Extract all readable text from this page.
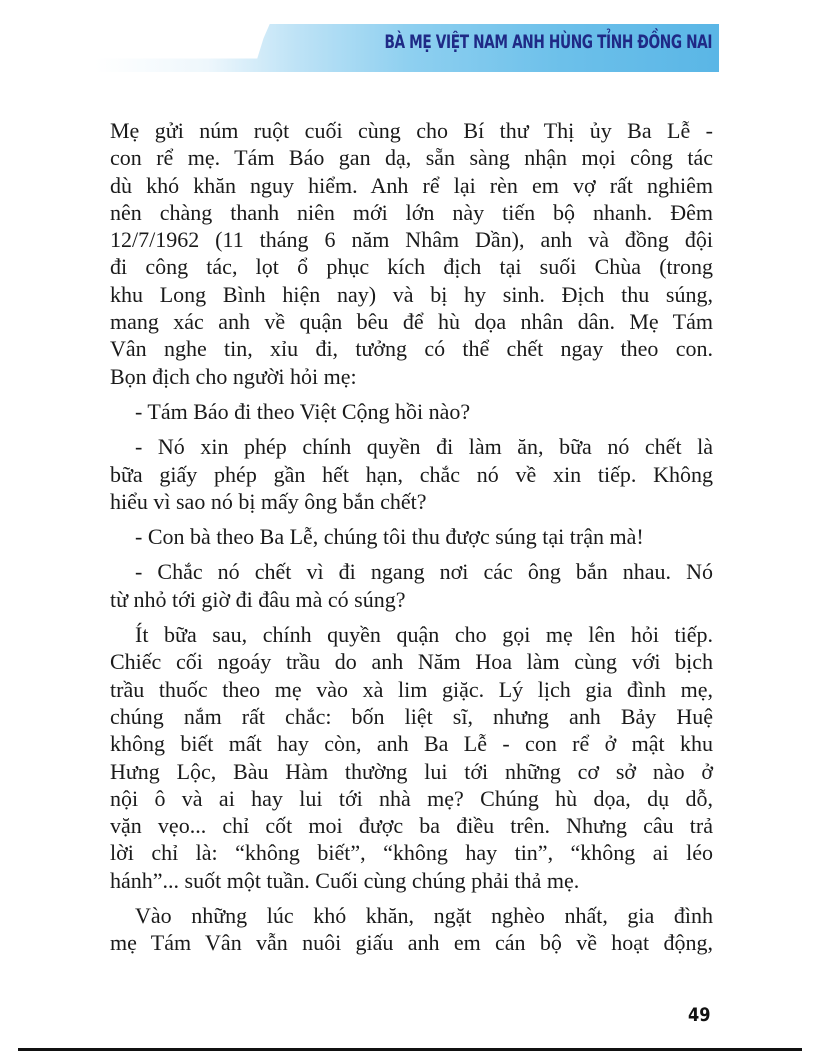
BÀ MẸ VIỆT NAM ANH HÙNG TỈNH ĐỒNG NAI
Mẹ gửi núm ruột cuối cùng cho Bí thư Thị ủy Ba Lễ -
con rể mẹ. Tám Báo gan dạ, sẵn sàng nhận mọi công tác
dù khó khăn nguy hiểm. Anh rể lại rèn em vợ rất nghiêm
nên chàng thanh niên mới lớn này tiến bộ nhanh. Đêm
12/7/1962 (11 tháng 6 năm Nhâm Dần), anh và đồng đội
đi công tác, lọt ổ phục kích địch tại suối Chùa (trong
khu Long Bình hiện nay) và bị hy sinh. Địch thu súng,
mang xác anh về quận bêu để hù dọa nhân dân. Mẹ Tám
Vân nghe tin, xỉu đi, tưởng có thể chết ngay theo con.
Bọn địch cho người hỏi mẹ:
- Tám Báo đi theo Việt Cộng hồi nào?
- Nó xin phép chính quyền đi làm ăn, bữa nó chết là
bữa giấy phép gần hết hạn, chắc nó về xin tiếp. Không
hiểu vì sao nó bị mấy ông bắn chết?
- Con bà theo Ba Lễ, chúng tôi thu được súng tại trận mà!
- Chắc nó chết vì đi ngang nơi các ông bắn nhau. Nó
từ nhỏ tới giờ đi đâu mà có súng?
Ít bữa sau, chính quyền quận cho gọi mẹ lên hỏi tiếp.
Chiếc cối ngoáy trầu do anh Năm Hoa làm cùng với bịch
trầu thuốc theo mẹ vào xà lim giặc. Lý lịch gia đình mẹ,
chúng nắm rất chắc: bốn liệt sĩ, nhưng anh Bảy Huệ
không biết mất hay còn, anh Ba Lễ - con rể ở mật khu
Hưng Lộc, Bàu Hàm thường lui tới những cơ sở nào ở
nội ô và ai hay lui tới nhà mẹ? Chúng hù dọa, dụ dỗ,
vặn vẹo... chỉ cốt moi được ba điều trên. Nhưng câu trả
lời chỉ là: “không biết”, “không hay tin”, “không ai léo
hánh”... suốt một tuần. Cuối cùng chúng phải thả mẹ.
Vào những lúc khó khăn, ngặt nghèo nhất, gia đình
mẹ Tám Vân vẫn nuôi giấu anh em cán bộ về hoạt động,
49
